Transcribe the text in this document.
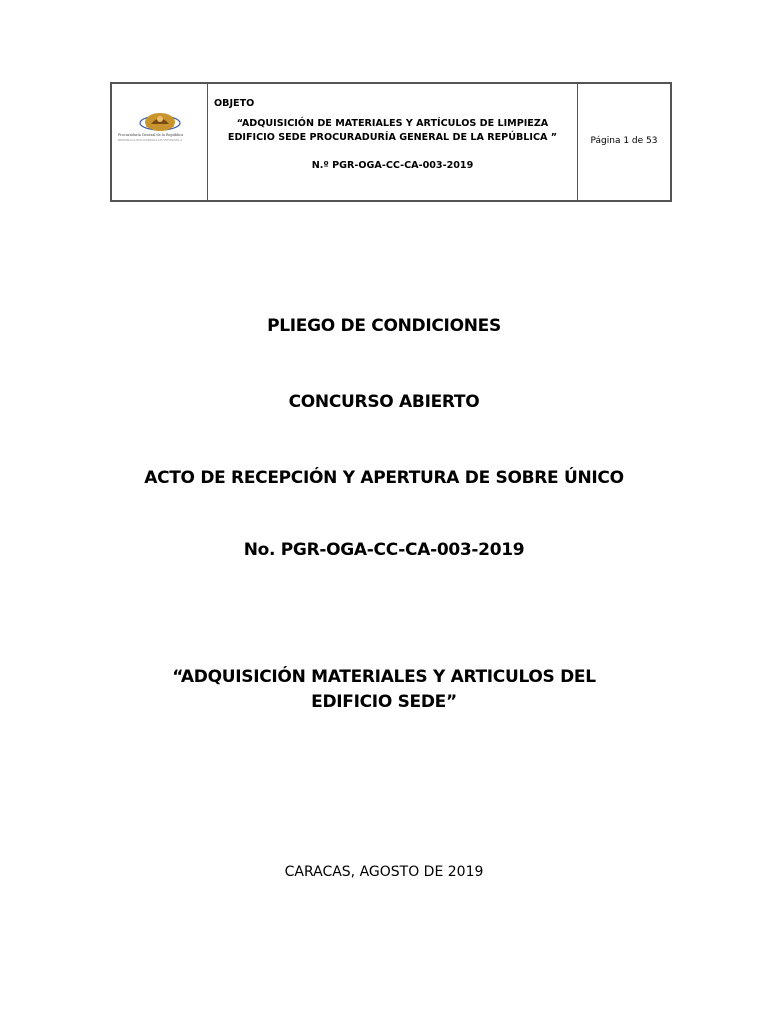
Procuraduría General de la República
REPÚBLICA BOLIVARIANA DE VENEZUELA
OBJETO
“ADQUISICIÓN DE MATERIALES Y ARTÍCULOS DE LIMPIEZA
EDIFICIO SEDE PROCURADURÍA GENERAL DE LA REPÚBLICA ”
N.º PGR-OGA-CC-CA-003-2019
Página 1 de 53
PLIEGO DE CONDICIONES
CONCURSO ABIERTO
ACTO DE RECEPCIÓN Y APERTURA DE SOBRE ÚNICO
No. PGR-OGA-CC-CA-003-2019
“ADQUISICIÓN MATERIALES Y ARTICULOS DEL
EDIFICIO SEDE”
CARACAS, AGOSTO DE 2019
